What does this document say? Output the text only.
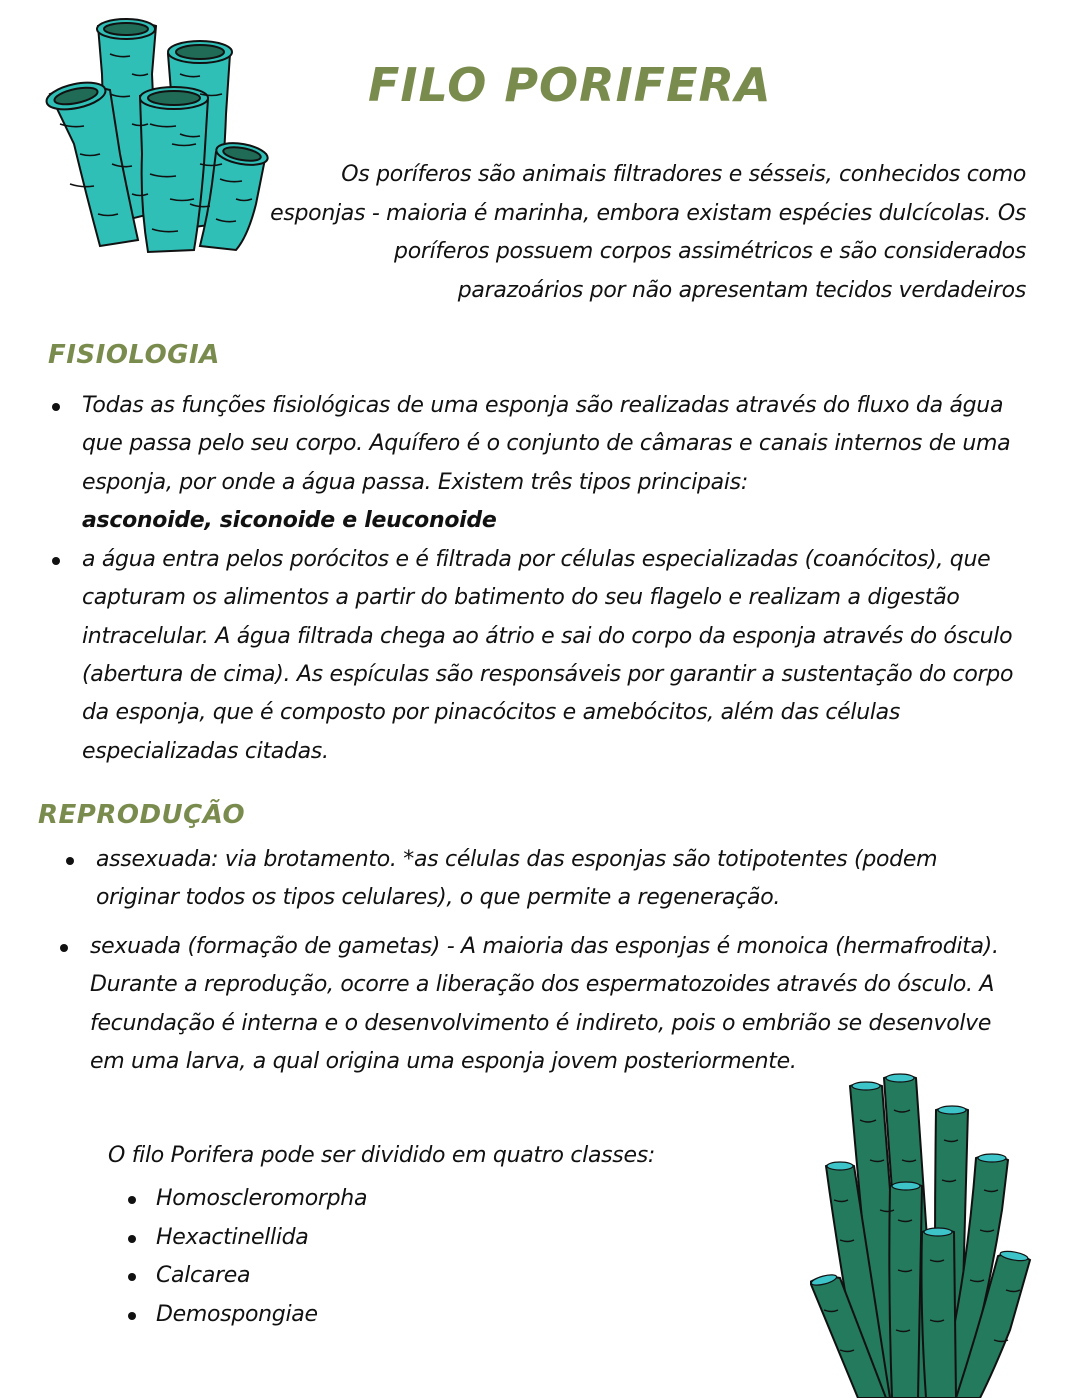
FILO PORIFERA

Os poríferos são animais filtradores e sésseis, conhecidos como esponjas - maioria é marinha, embora existam espécies dulcícolas. Os poríferos possuem corpos assimétricos e são considerados parazoários por não apresentam tecidos verdadeiros

FISIOLOGIA
Todas as funções fisiológicas de uma esponja são realizadas através do fluxo da água que passa pelo seu corpo. Aquífero é o conjunto de câmaras e canais internos de uma esponja, por onde a água passa. Existem três tipos principais:
asconoide, siconoide e leuconoide
a água entra pelos porócitos e é filtrada por células especializadas (coanócitos), que capturam os alimentos a partir do batimento do seu flagelo e realizam a digestão intracelular. A água filtrada chega ao átrio e sai do corpo da esponja através do ósculo (abertura de cima). As espículas são responsáveis por garantir a sustentação do corpo da esponja, que é composto por pinacócitos e amebócitos, além das células especializadas citadas.
REPRODUÇÃO
assexuada: via brotamento. *as células das esponjas são totipotentes (podem originar todos os tipos celulares), o que permite a regeneração.
sexuada (formação de gametas) - A maioria das esponjas é monoica (hermafrodita). Durante a reprodução, ocorre a liberação dos espermatozoides através do ósculo. A fecundação é interna e o desenvolvimento é indireto, pois o embrião se desenvolve em uma larva, a qual origina uma esponja jovem posteriormente.
O filo Porifera pode ser dividido em quatro classes:
Homoscleromorpha
Hexactinellida
Calcarea
Demospongiae
